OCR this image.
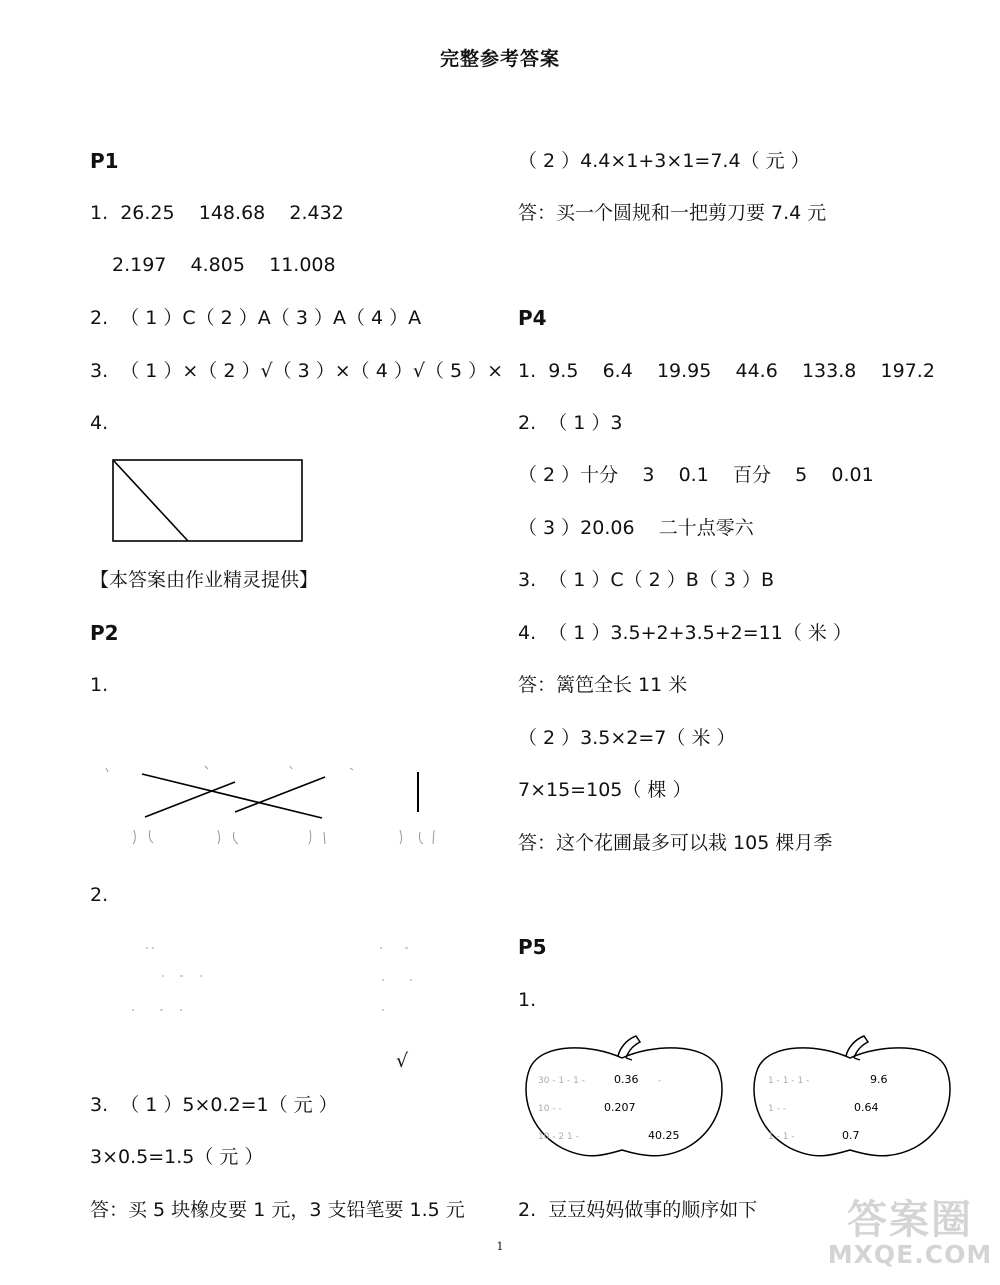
完整参考答案
P1
1.  26.25    148.68    2.432
2.197    4.805    11.008
2.  （ 1 ）C（ 2 ）A（ 3 ）A（ 4 ）A
3.  （ 1 ）×（ 2 ）√（ 3 ）×（ 4 ）√（ 5 ）×
4.
【本答案由作业精灵提供】
P2
1.
2.
√
3.  （ 1 ）5×0.2=1（ 元 ）
3×0.5=1.5（ 元 ）
答：买 5 块橡皮要 1 元，3 支铅笔要 1.5 元
（ 2 ）4.4×1+3×1=7.4（ 元 ）
答：买一个圆规和一把剪刀要 7.4 元
P4
1.  9.5    6.4    19.95    44.6    133.8    197.2
2.  （ 1 ）3
（ 2 ）十分    3    0.1    百分    5    0.01
（ 3 ）20.06    二十点零六
3.  （ 1 ）C（ 2 ）B（ 3 ）B
4.  （ 1 ）3.5+2+3.5+2=11（ 米 ）
答：篱笆全长 11 米
（ 2 ）3.5×2=7（ 米 ）
7×15=105（ 棵 ）
答：这个花圃最多可以栽 105 棵月季
P5
1.
30 - 1 - 1 -
10 - -
10 - 2 1 -
0.36
0.207
40.25
-	1 - 1 - 1 -
1 - -
1 - 1 -
9.6
0.64
0.7
2.  豆豆妈妈做事的顺序如下
1
答案圈
MXQE.COM
